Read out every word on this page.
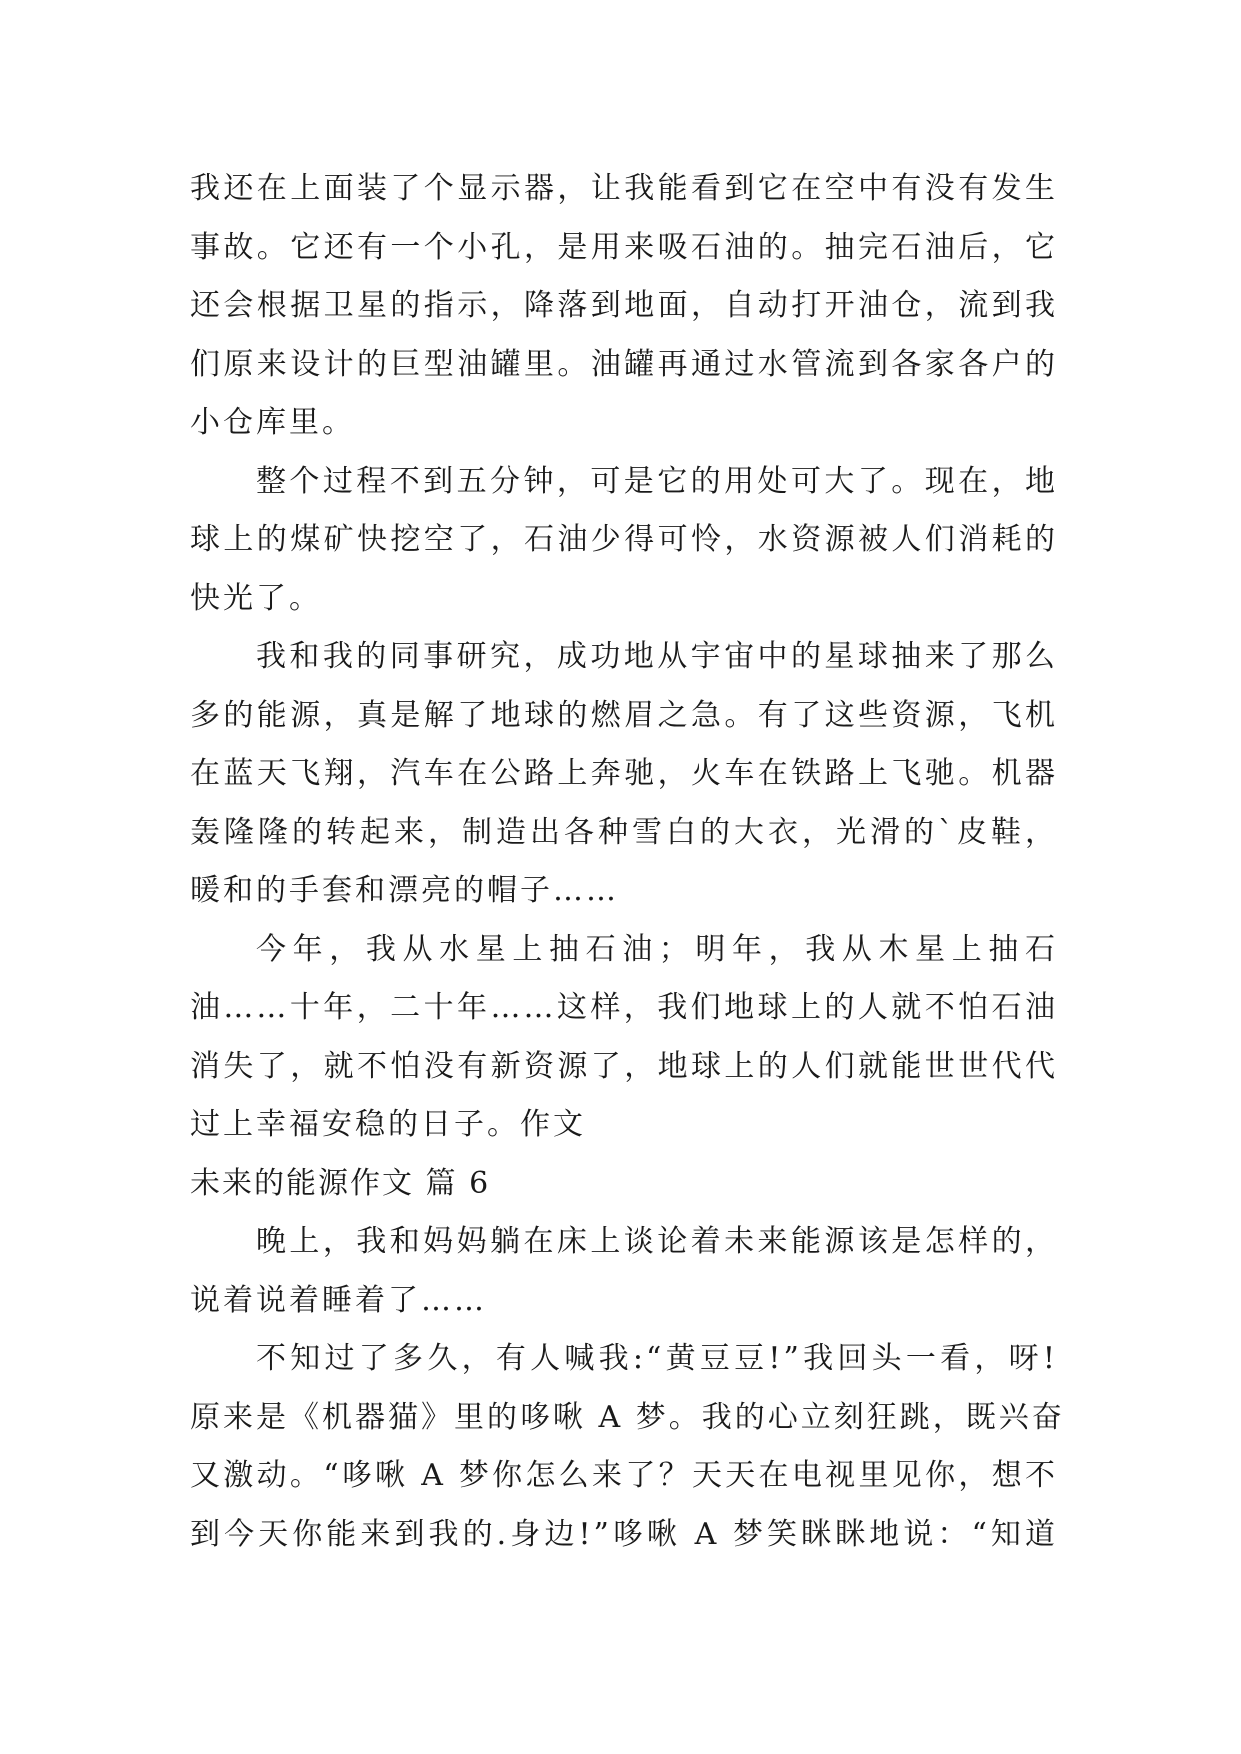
我还在上面装了个显示器，让我能看到它在空中有没有发生
事故。它还有一个小孔，是用来吸石油的。抽完石油后，它
还会根据卫星的指示，降落到地面，自动打开油仓，流到我
们原来设计的巨型油罐里。油罐再通过水管流到各家各户的
小仓库里。
整个过程不到五分钟，可是它的用处可大了。现在，地
球上的煤矿快挖空了，石油少得可怜，水资源被人们消耗的
快光了。
我和我的同事研究，成功地从宇宙中的星球抽来了那么
多的能源，真是解了地球的燃眉之急。有了这些资源，飞机
在蓝天飞翔，汽车在公路上奔驰，火车在铁路上飞驰。机器
轰隆隆的转起来，制造出各种雪白的大衣，光滑的`皮鞋，
暖和的手套和漂亮的帽子……
今年，我从水星上抽石油；明年，我从木星上抽石
油……十年，二十年……这样，我们地球上的人就不怕石油
消失了，就不怕没有新资源了，地球上的人们就能世世代代
过上幸福安稳的日子。作文
未来的能源作文 篇 6
晚上，我和妈妈躺在床上谈论着未来能源该是怎样的，
说着说着睡着了……
不知过了多久，有人喊我:“黄豆豆!”我回头一看，呀!
原来是《机器猫》里的哆啾 A 梦。我的心立刻狂跳，既兴奋
又激动。“哆啾 A 梦你怎么来了？天天在电视里见你，想不
到今天你能来到我的.身边!”哆啾 A 梦笑眯眯地说：“知道
